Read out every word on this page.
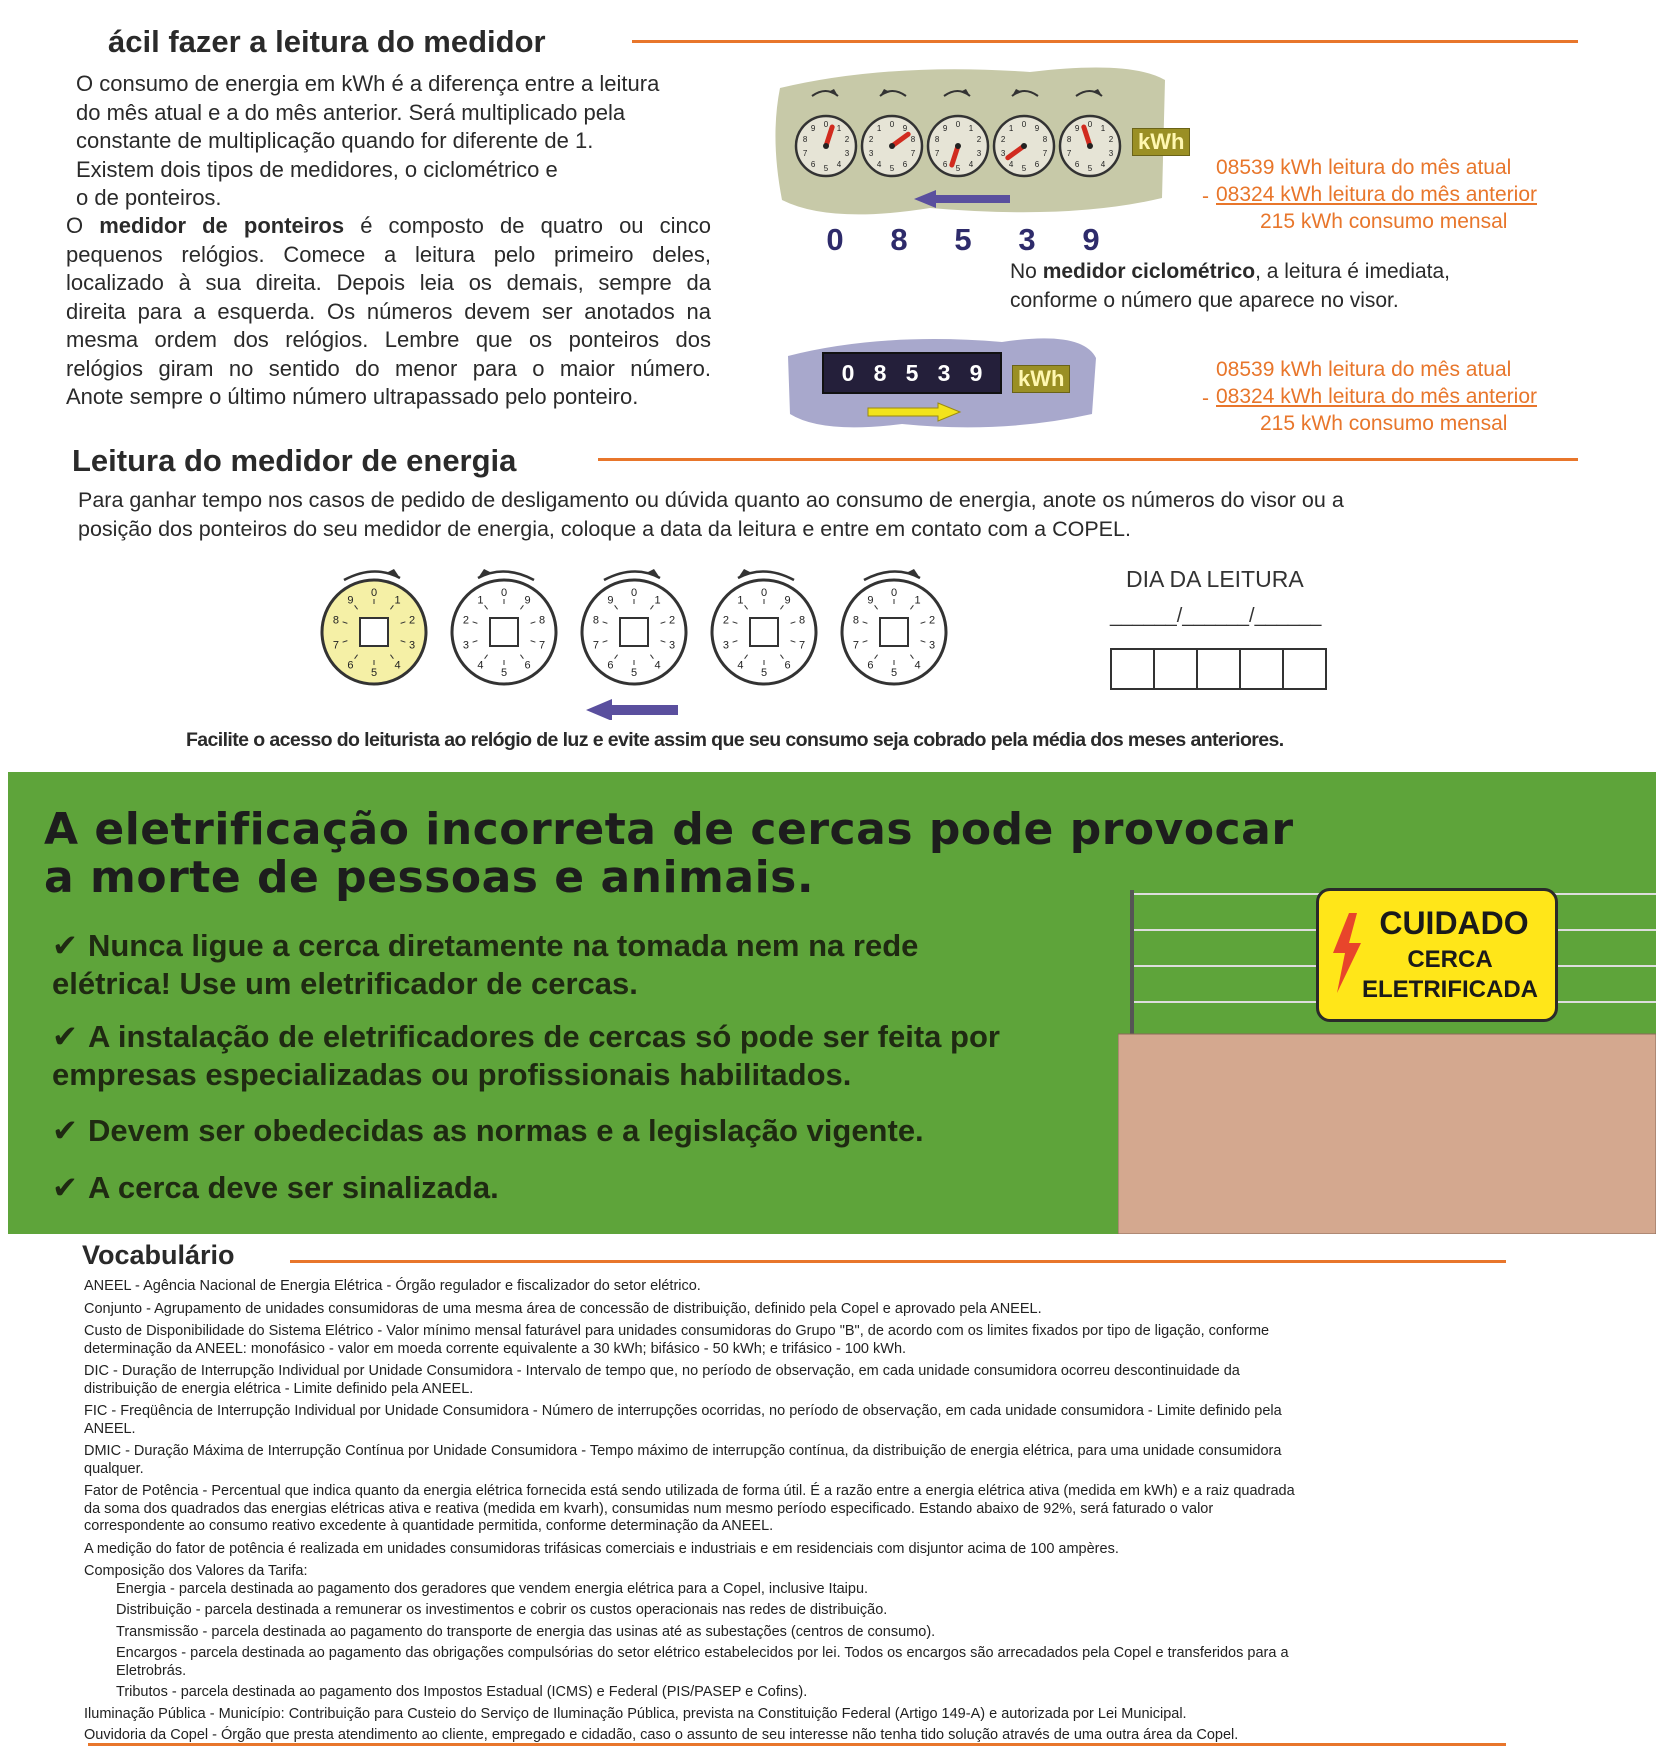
ácil fazer a leitura do medidor
O consumo de energia em kWh é a diferença entre a leitura
do mês atual e a do mês anterior. Será multiplicado pela
constante de multiplicação quando for diferente de 1.
Existem dois tipos de medidores, o ciclométrico e
o de ponteiros.
O medidor de ponteiros é composto de quatro ou cinco
pequenos relógios. Comece a leitura pelo primeiro deles,
localizado à sua direita. Depois leia os demais, sempre da
direita para a esquerda. Os números devem ser anotados na
mesma ordem dos relógios. Lembre que os ponteiros dos
relógios giram no sentido do menor para o maior número.
Anote sempre o último número ultrapassado pelo ponteiro.
0 1
2
3
4
5
6
7
8
9	0
1
2
3
4 5 6
7
8
9	0 1
2
3
4
5
6
7
8
9	0
1
2
3
4 5 6
7
8
9	0 1
2
3
4
5
6
7
8
9
kWh
0	8	5	3	9
08539 kWh leitura do mês atual
- 08324 kWh leitura do mês anterior
215 kWh consumo mensal
No medidor ciclométrico, a leitura é imediata,
conforme o número que aparece no visor.
0 8 5 3 9 kWh	08539 kWh leitura do mês atual
- 08324 kWh leitura do mês anterior
215 kWh consumo mensal
Leitura do medidor de energia
Para ganhar tempo nos casos de pedido de desligamento ou dúvida quanto ao consumo de energia, anote os números do visor ou a
posição dos ponteiros do seu medidor de energia, coloque a data da leitura e entre em contato com a COPEL.
0
1
2
3
4
5
6
7
8
9
0
1
2
3
4
5
6
7
8
9
0
1
2
3
4
5
6
7
8
9
0
1
2
3
4
5
6
7
8
9
0
1
2
3
4
5
6
7
8
9
DIA DA LEITURA
______/______/______
Facilite o acesso do leiturista ao relógio de luz e evite assim que seu consumo seja cobrado pela média dos meses anteriores.
A eletrificação incorreta de cercas pode provocar
a morte de pessoas e animais.
✔ Nunca ligue a cerca diretamente na tomada nem na rede
elétrica! Use um eletrificador de cercas.
✔ A instalação de eletrificadores de cercas só pode ser feita por
empresas especializadas ou profissionais habilitados.
✔ Devem ser obedecidas as normas e a legislação vigente.
✔ A cerca deve ser sinalizada.
CUIDADO
CERCA
ELETRIFICADA
Vocabulário

ANEEL - Agência Nacional de Energia Elétrica - Órgão regulador e fiscalizador do setor elétrico.

Conjunto - Agrupamento de unidades consumidoras de uma mesma área de concessão de distribuição, definido pela Copel e aprovado pela ANEEL.

Custo de Disponibilidade do Sistema Elétrico - Valor mínimo mensal faturável para unidades consumidoras do Grupo "B", de acordo com os limites fixados por tipo de ligação, conforme

determinação da ANEEL: monofásico - valor em moeda corrente equivalente a 30 kWh; bifásico - 50 kWh; e trifásico - 100 kWh.

DIC - Duração de Interrupção Individual por Unidade Consumidora - Intervalo de tempo que, no período de observação, em cada unidade consumidora ocorreu descontinuidade da

distribuição de energia elétrica - Limite definido pela ANEEL.

FIC - Freqüência de Interrupção Individual por Unidade Consumidora - Número de interrupções ocorridas, no período de observação, em cada unidade consumidora - Limite definido pela

ANEEL.

DMIC - Duração Máxima de Interrupção Contínua por Unidade Consumidora - Tempo máximo de interrupção contínua, da distribuição de energia elétrica, para uma unidade consumidora

qualquer.

Fator de Potência - Percentual que indica quanto da energia elétrica fornecida está sendo utilizada de forma útil. É a razão entre a energia elétrica ativa (medida em kWh) e a raiz quadrada

da soma dos quadrados das energias elétricas ativa e reativa (medida em kvarh), consumidas num mesmo período especificado. Estando abaixo de 92%, será faturado o valor

correspondente ao consumo reativo excedente à quantidade permitida, conforme determinação da ANEEL.

A medição do fator de potência é realizada em unidades consumidoras trifásicas comerciais e industriais e em residenciais com disjuntor acima de 100 ampères.

Composição dos Valores da Tarifa:

Energia - parcela destinada ao pagamento dos geradores que vendem energia elétrica para a Copel, inclusive Itaipu.

Distribuição - parcela destinada a remunerar os investimentos e cobrir os custos operacionais nas redes de distribuição.

Transmissão - parcela destinada ao pagamento do transporte de energia das usinas até as subestações (centros de consumo).

Encargos - parcela destinada ao pagamento das obrigações compulsórias do setor elétrico estabelecidos por lei. Todos os encargos são arrecadados pela Copel e transferidos para a

Eletrobrás.

Tributos - parcela destinada ao pagamento dos Impostos Estadual (ICMS) e Federal (PIS/PASEP e Cofins).

Iluminação Pública - Município: Contribuição para Custeio do Serviço de Iluminação Pública, prevista na Constituição Federal (Artigo 149-A) e autorizada por Lei Municipal.

Ouvidoria da Copel - Órgão que presta atendimento ao cliente, empregado e cidadão, caso o assunto de seu interesse não tenha tido solução através de uma outra área da Copel.
